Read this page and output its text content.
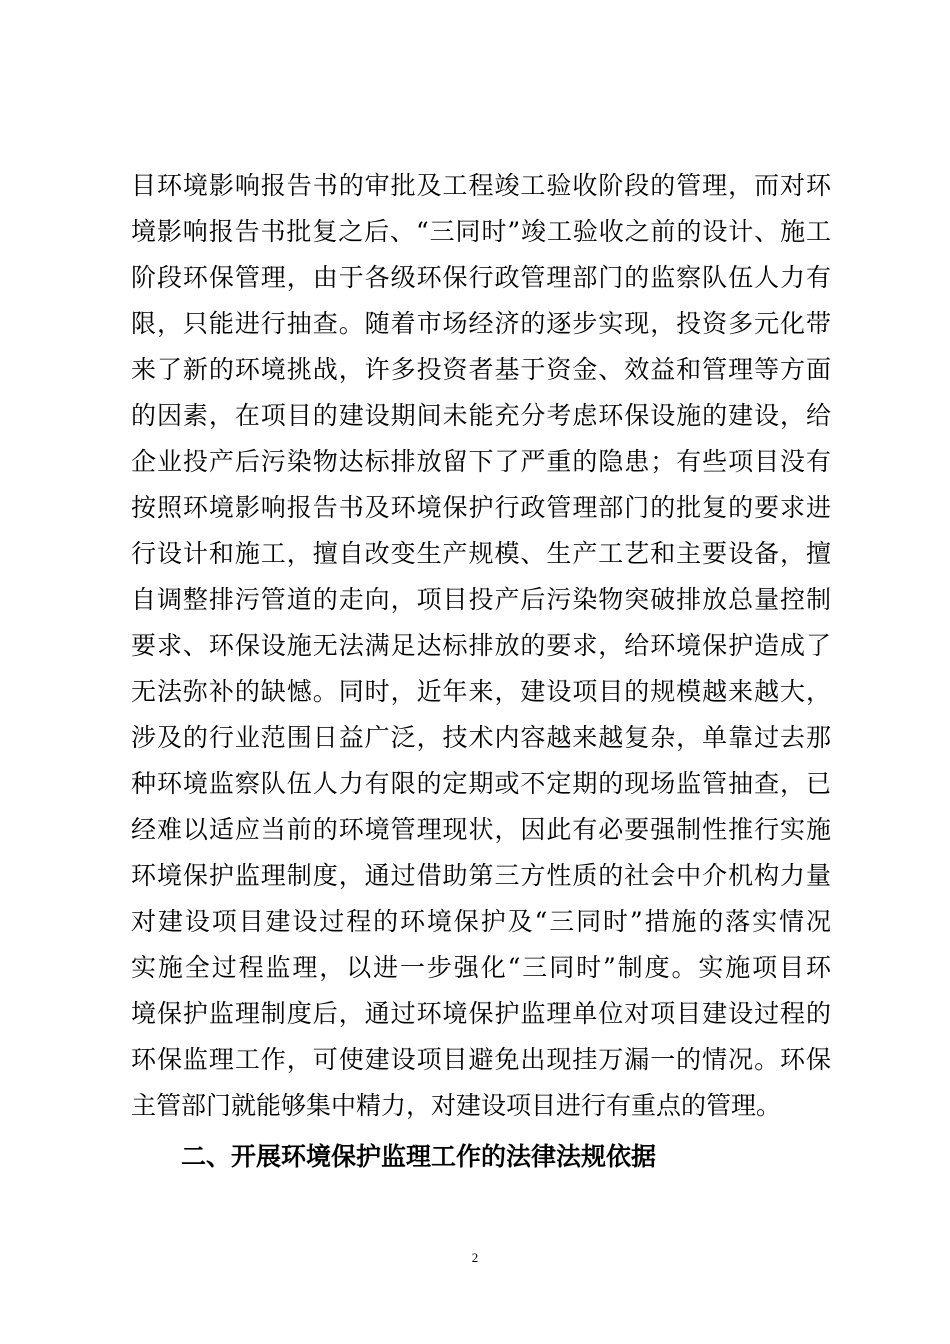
目环境影响报告书的审批及工程竣工验收阶段的管理，而对环
境影响报告书批复之后、“三同时”竣工验收之前的设计、施工
阶段环保管理，由于各级环保行政管理部门的监察队伍人力有
限，只能进行抽查。随着市场经济的逐步实现，投资多元化带
来了新的环境挑战，许多投资者基于资金、效益和管理等方面
的因素，在项目的建设期间未能充分考虑环保设施的建设，给
企业投产后污染物达标排放留下了严重的隐患；有些项目没有
按照环境影响报告书及环境保护行政管理部门的批复的要求进
行设计和施工，擅自改变生产规模、生产工艺和主要设备，擅
自调整排污管道的走向，项目投产后污染物突破排放总量控制
要求、环保设施无法满足达标排放的要求，给环境保护造成了
无法弥补的缺憾。同时，近年来，建设项目的规模越来越大，
涉及的行业范围日益广泛，技术内容越来越复杂，单靠过去那
种环境监察队伍人力有限的定期或不定期的现场监管抽查，已
经难以适应当前的环境管理现状，因此有必要强制性推行实施
环境保护监理制度，通过借助第三方性质的社会中介机构力量
对建设项目建设过程的环境保护及“三同时”措施的落实情况
实施全过程监理，以进一步强化“三同时”制度。实施项目环
境保护监理制度后，通过环境保护监理单位对项目建设过程的
环保监理工作，可使建设项目避免出现挂万漏一的情况。环保
主管部门就能够集中精力，对建设项目进行有重点的管理。
二、开展环境保护监理工作的法律法规依据
2
